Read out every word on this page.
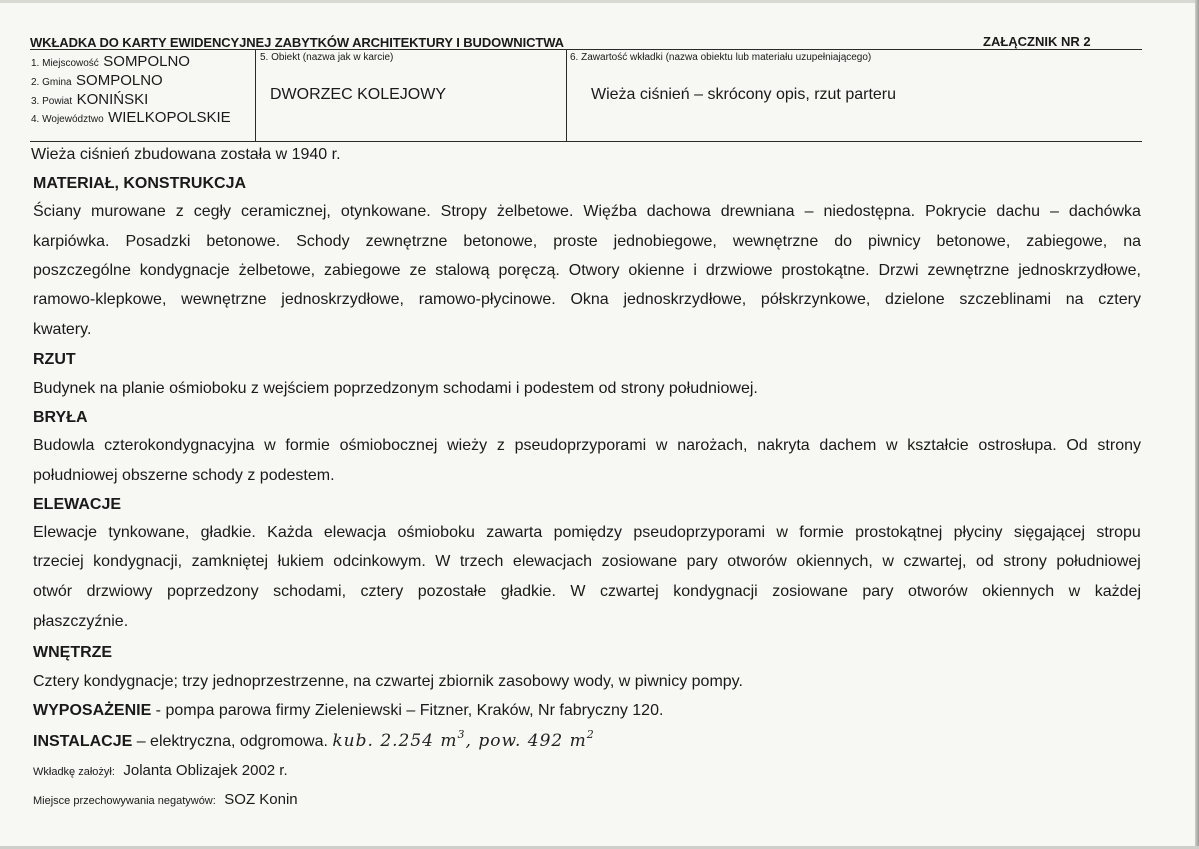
WKŁADKA DO KARTY EWIDENCYJNEJ ZABYTKÓW ARCHITEKTURY I BUDOWNICTWA	ZAŁĄCZNIK NR 2
1. Miejscowość SOMPOLNO
2. Gmina SOMPOLNO
3. Powiat KONIŃSKI
4. Województwo WIELKOPOLSKIE
5. Obiekt (nazwa jak w karcie)
DWORZEC KOLEJOWY
6. Zawartość wkładki (nazwa obiektu lub materiału uzupełniającego)
Wieża ciśnień – skrócony opis, rzut parteru
Wieża ciśnień zbudowana została w 1940 r.
MATERIAŁ, KONSTRUKCJA
Ściany murowane z cegły ceramicznej, otynkowane. Stropy żelbetowe. Więźba dachowa drewniana – niedostępna. Pokrycie dachu – dachówka
karpiówka. Posadzki betonowe. Schody zewnętrzne betonowe, proste jednobiegowe, wewnętrzne do piwnicy betonowe, zabiegowe, na
poszczególne kondygnacje żelbetowe, zabiegowe ze stalową poręczą. Otwory okienne i drzwiowe prostokątne. Drzwi zewnętrzne jednoskrzydłowe,
ramowo-klepkowe, wewnętrzne jednoskrzydłowe, ramowo-płycinowe. Okna jednoskrzydłowe, półskrzynkowe, dzielone szczeblinami na cztery
kwatery.
RZUT
Budynek na planie ośmioboku z wejściem poprzedzonym schodami i podestem od strony południowej.
BRYŁA
Budowla czterokondygnacyjna w formie ośmiobocznej wieży z pseudoprzyporami w narożach, nakryta dachem w kształcie ostrosłupa. Od strony
południowej obszerne schody z podestem.
ELEWACJE
Elewacje tynkowane, gładkie. Każda elewacja ośmioboku zawarta pomiędzy pseudoprzyporami w formie prostokątnej płyciny sięgającej stropu
trzeciej kondygnacji, zamkniętej łukiem odcinkowym. W trzech elewacjach zosiowane pary otworów okiennych, w czwartej, od strony południowej
otwór drzwiowy poprzedzony schodami, cztery pozostałe gładkie. W czwartej kondygnacji zosiowane pary otworów okiennych w każdej
płaszczyźnie.
WNĘTRZE
Cztery kondygnacje; trzy jednoprzestrzenne, na czwartej zbiornik zasobowy wody, w piwnicy pompy.
WYPOSAŻENIE - pompa parowa firmy Zieleniewski – Fitzner, Kraków, Nr fabryczny 120.
INSTALACJE – elektryczna, odgromowa. kub. 2.254 $m^3$, pow. 492 $m^2$
Wkładkę założył: Jolanta Oblizajek 2002 r.
Miejsce przechowywania negatywów: SOZ Konin
